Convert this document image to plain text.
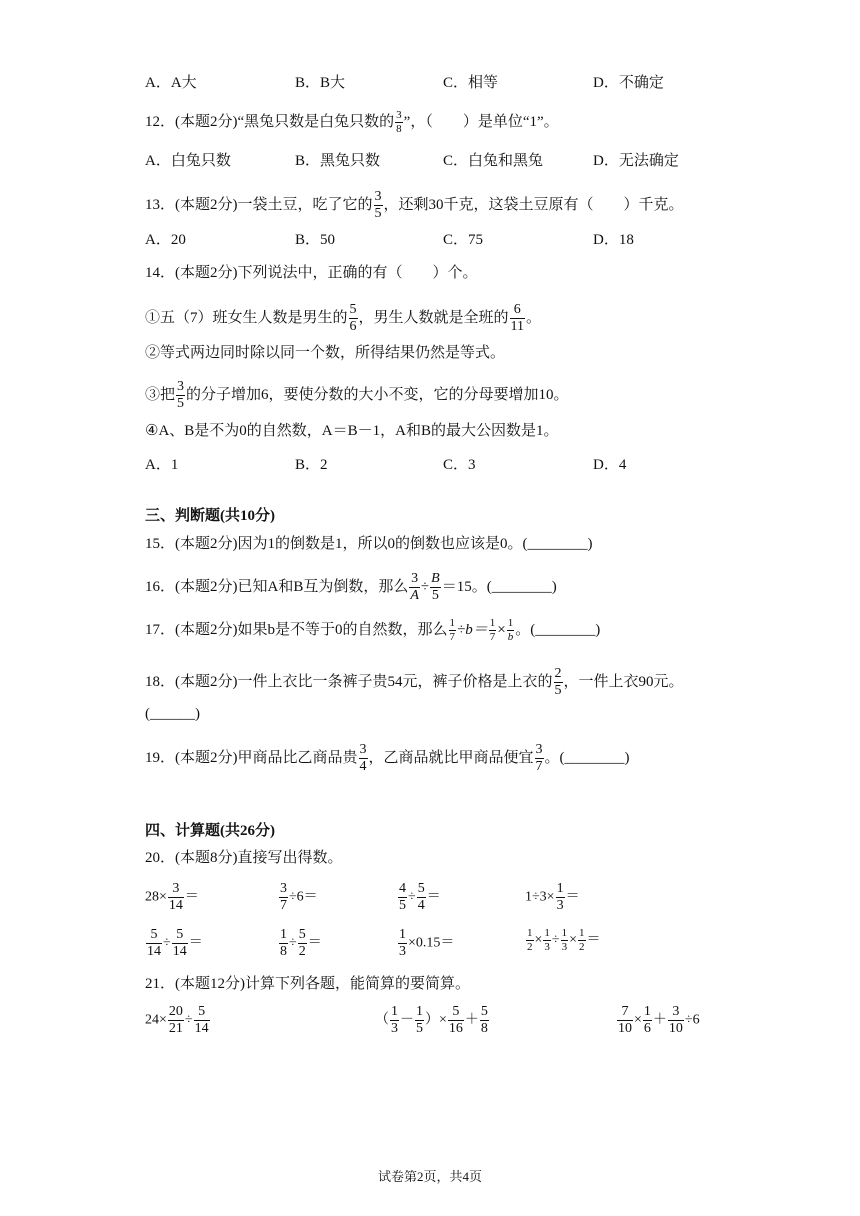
A．A大	B．B大	C．相等	D．不确定
12．(本题2分)“黑兔只数是白兔只数的 $\frac{3}{8}$ ”，（　　）是单位“1”。
A．白兔只数	B．黑兔只数	C．白兔和黑兔	D．无法确定
13．(本题2分)一袋土豆，吃了它的 $\frac{3}{5}$ ，还剩30千克，这袋土豆原有（　　）千克。
A．20	B．50	C．75	D．18
14．(本题2分)下列说法中，正确的有（　　）个。
①五（7）班女生人数是男生的 $\frac{5}{6}$ ，男生人数就是全班的 $\frac{6}{11}$ 。
②等式两边同时除以同一个数，所得结果仍然是等式。
③把 $\frac{3}{5}$ 的分子增加6，要使分数的大小不变，它的分母要增加10。
④A、B是不为0的自然数，A＝B－1，A和B的最大公因数是1。
A．1	B．2	C．3	D．4
三、判断题(共10分)
15．(本题2分)因为1的倒数是1，所以0的倒数也应该是0。(________)
16．(本题2分)已知A和B互为倒数，那么 $\frac{3}{A} \div \frac{B}{5} =15$。(________)
17．(本题2分)如果b是不等于0的自然数，那么 $\frac{1}{7} \div b= \frac{1}{7} \times \frac{1}{b}$ 。(________)
18．(本题2分)一件上衣比一条裤子贵54元，裤子价格是上衣的 $\frac{2}{5}$ ，一件上衣90元。
(______)
19．(本题2分)甲商品比乙商品贵 $\frac{3}{4}$ ，乙商品就比甲商品便宜 $\frac{3}{7}$ 。(________)
四、计算题(共26分)
20．(本题8分)直接写出得数。
$28\times \frac{3}{14}$ ＝	$\frac{3}{7} \div 6=$	$\frac{4}{5} \div \frac{5}{4}$ ＝	$1\div 3\times \frac{1}{3}$ ＝
$\frac{5}{14} \div \frac{5}{14}$ ＝	$\frac{1}{8} \div \frac{5}{2}$ ＝	$\frac{1}{3} \times 0.15=$	$\frac{1}{2} \times \frac{1}{3} \div \frac{1}{3} \times \frac{1}{2}$ ＝
21．(本题12分)计算下列各题，能简算的要简算。
$24\times \frac{20}{21} \div \frac{5}{14}$	（ $\frac{1}{3} - \frac{1}{5}$ ）× $\frac{5}{16} + \frac{5}{8}$	$\frac{7}{10} \times \frac{1}{6} + \frac{3}{10} \div 6$
试卷第2页，共4页
